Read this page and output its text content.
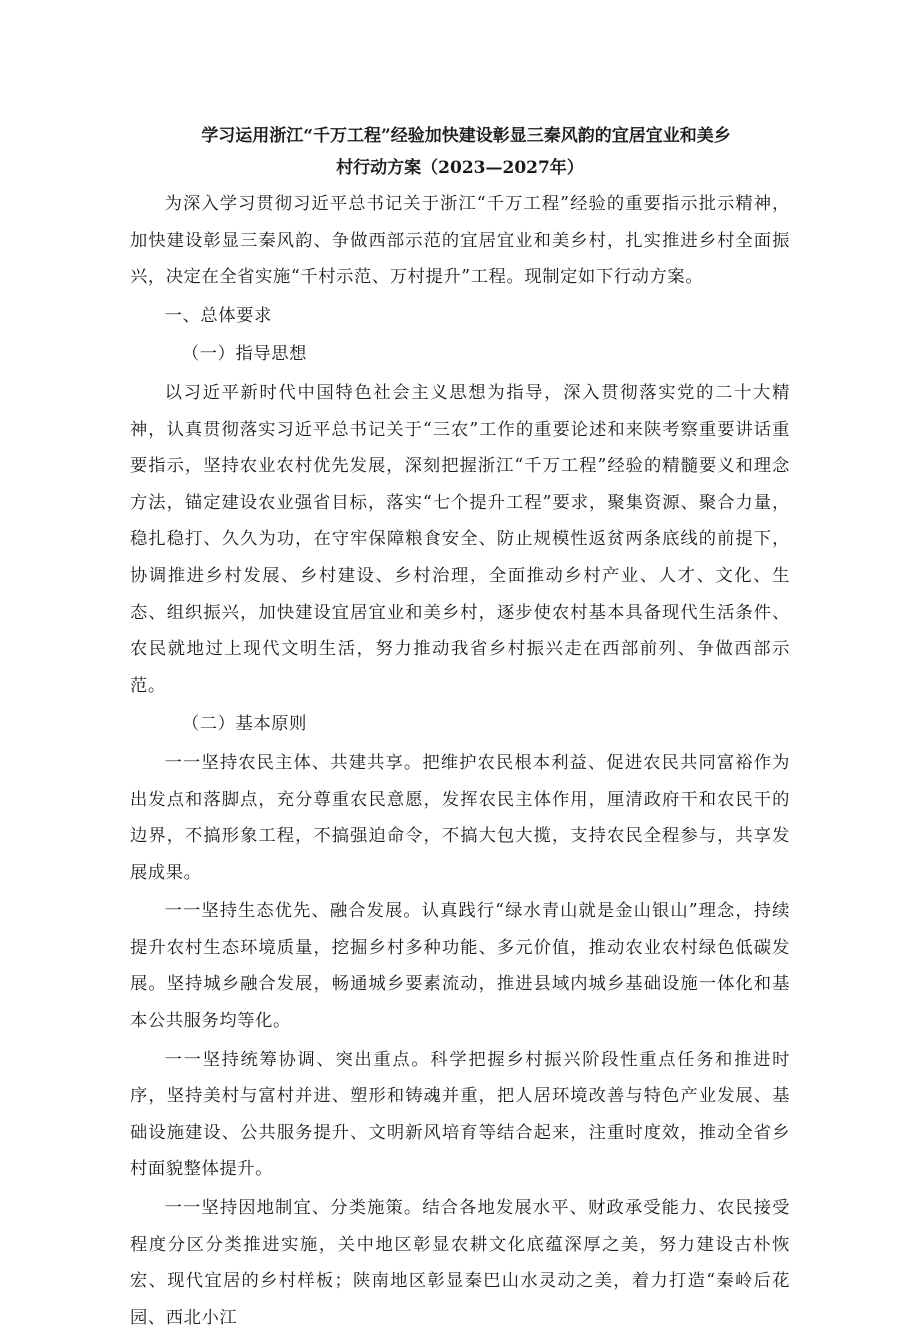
学习运用浙江“千万工程”经验加快建设彰显三秦风韵的宜居宜业和美乡
村行动方案（2023—2027年）

为深入学习贯彻习近平总书记关于浙江“千万工程”经验的重要指示批示精神，加快建设彰显三秦风韵、争做西部示范的宜居宜业和美乡村，扎实推进乡村全面振兴，决定在全省实施“千村示范、万村提升”工程。现制定如下行动方案。

一、总体要求

（一）指导思想

以习近平新时代中国特色社会主义思想为指导，深入贯彻落实党的二十大精神，认真贯彻落实习近平总书记关于“三农”工作的重要论述和来陕考察重要讲话重要指示，坚持农业农村优先发展，深刻把握浙江“千万工程”经验的精髓要义和理念方法，锚定建设农业强省目标，落实“七个提升工程”要求，聚集资源、聚合力量，稳扎稳打、久久为功，在守牢保障粮食安全、防止规模性返贫两条底线的前提下，协调推进乡村发展、乡村建设、乡村治理，全面推动乡村产业、人才、文化、生态、组织振兴，加快建设宜居宜业和美乡村，逐步使农村基本具备现代生活条件、农民就地过上现代文明生活，努力推动我省乡村振兴走在西部前列、争做西部示范。

（二）基本原则

一一坚持农民主体、共建共享。把维护农民根本利益、促进农民共同富裕作为出发点和落脚点，充分尊重农民意愿，发挥农民主体作用，厘清政府干和农民干的边界，不搞形象工程，不搞强迫命令，不搞大包大揽，支持农民全程参与，共享发展成果。

一一坚持生态优先、融合发展。认真践行“绿水青山就是金山银山”理念，持续提升农村生态环境质量，挖掘乡村多种功能、多元价值，推动农业农村绿色低碳发展。坚持城乡融合发展，畅通城乡要素流动，推进县域内城乡基础设施一体化和基本公共服务均等化。

一一坚持统筹协调、突出重点。科学把握乡村振兴阶段性重点任务和推进时序，坚持美村与富村并进、塑形和铸魂并重，把人居环境改善与特色产业发展、基础设施建设、公共服务提升、文明新风培育等结合起来，注重时度效，推动全省乡村面貌整体提升。

一一坚持因地制宜、分类施策。结合各地发展水平、财政承受能力、农民接受程度分区分类推进实施，关中地区彰显农耕文化底蕴深厚之美，努力建设古朴恢宏、现代宜居的乡村样板；陕南地区彰显秦巴山水灵动之美，着力打造“秦岭后花园、西北小江
